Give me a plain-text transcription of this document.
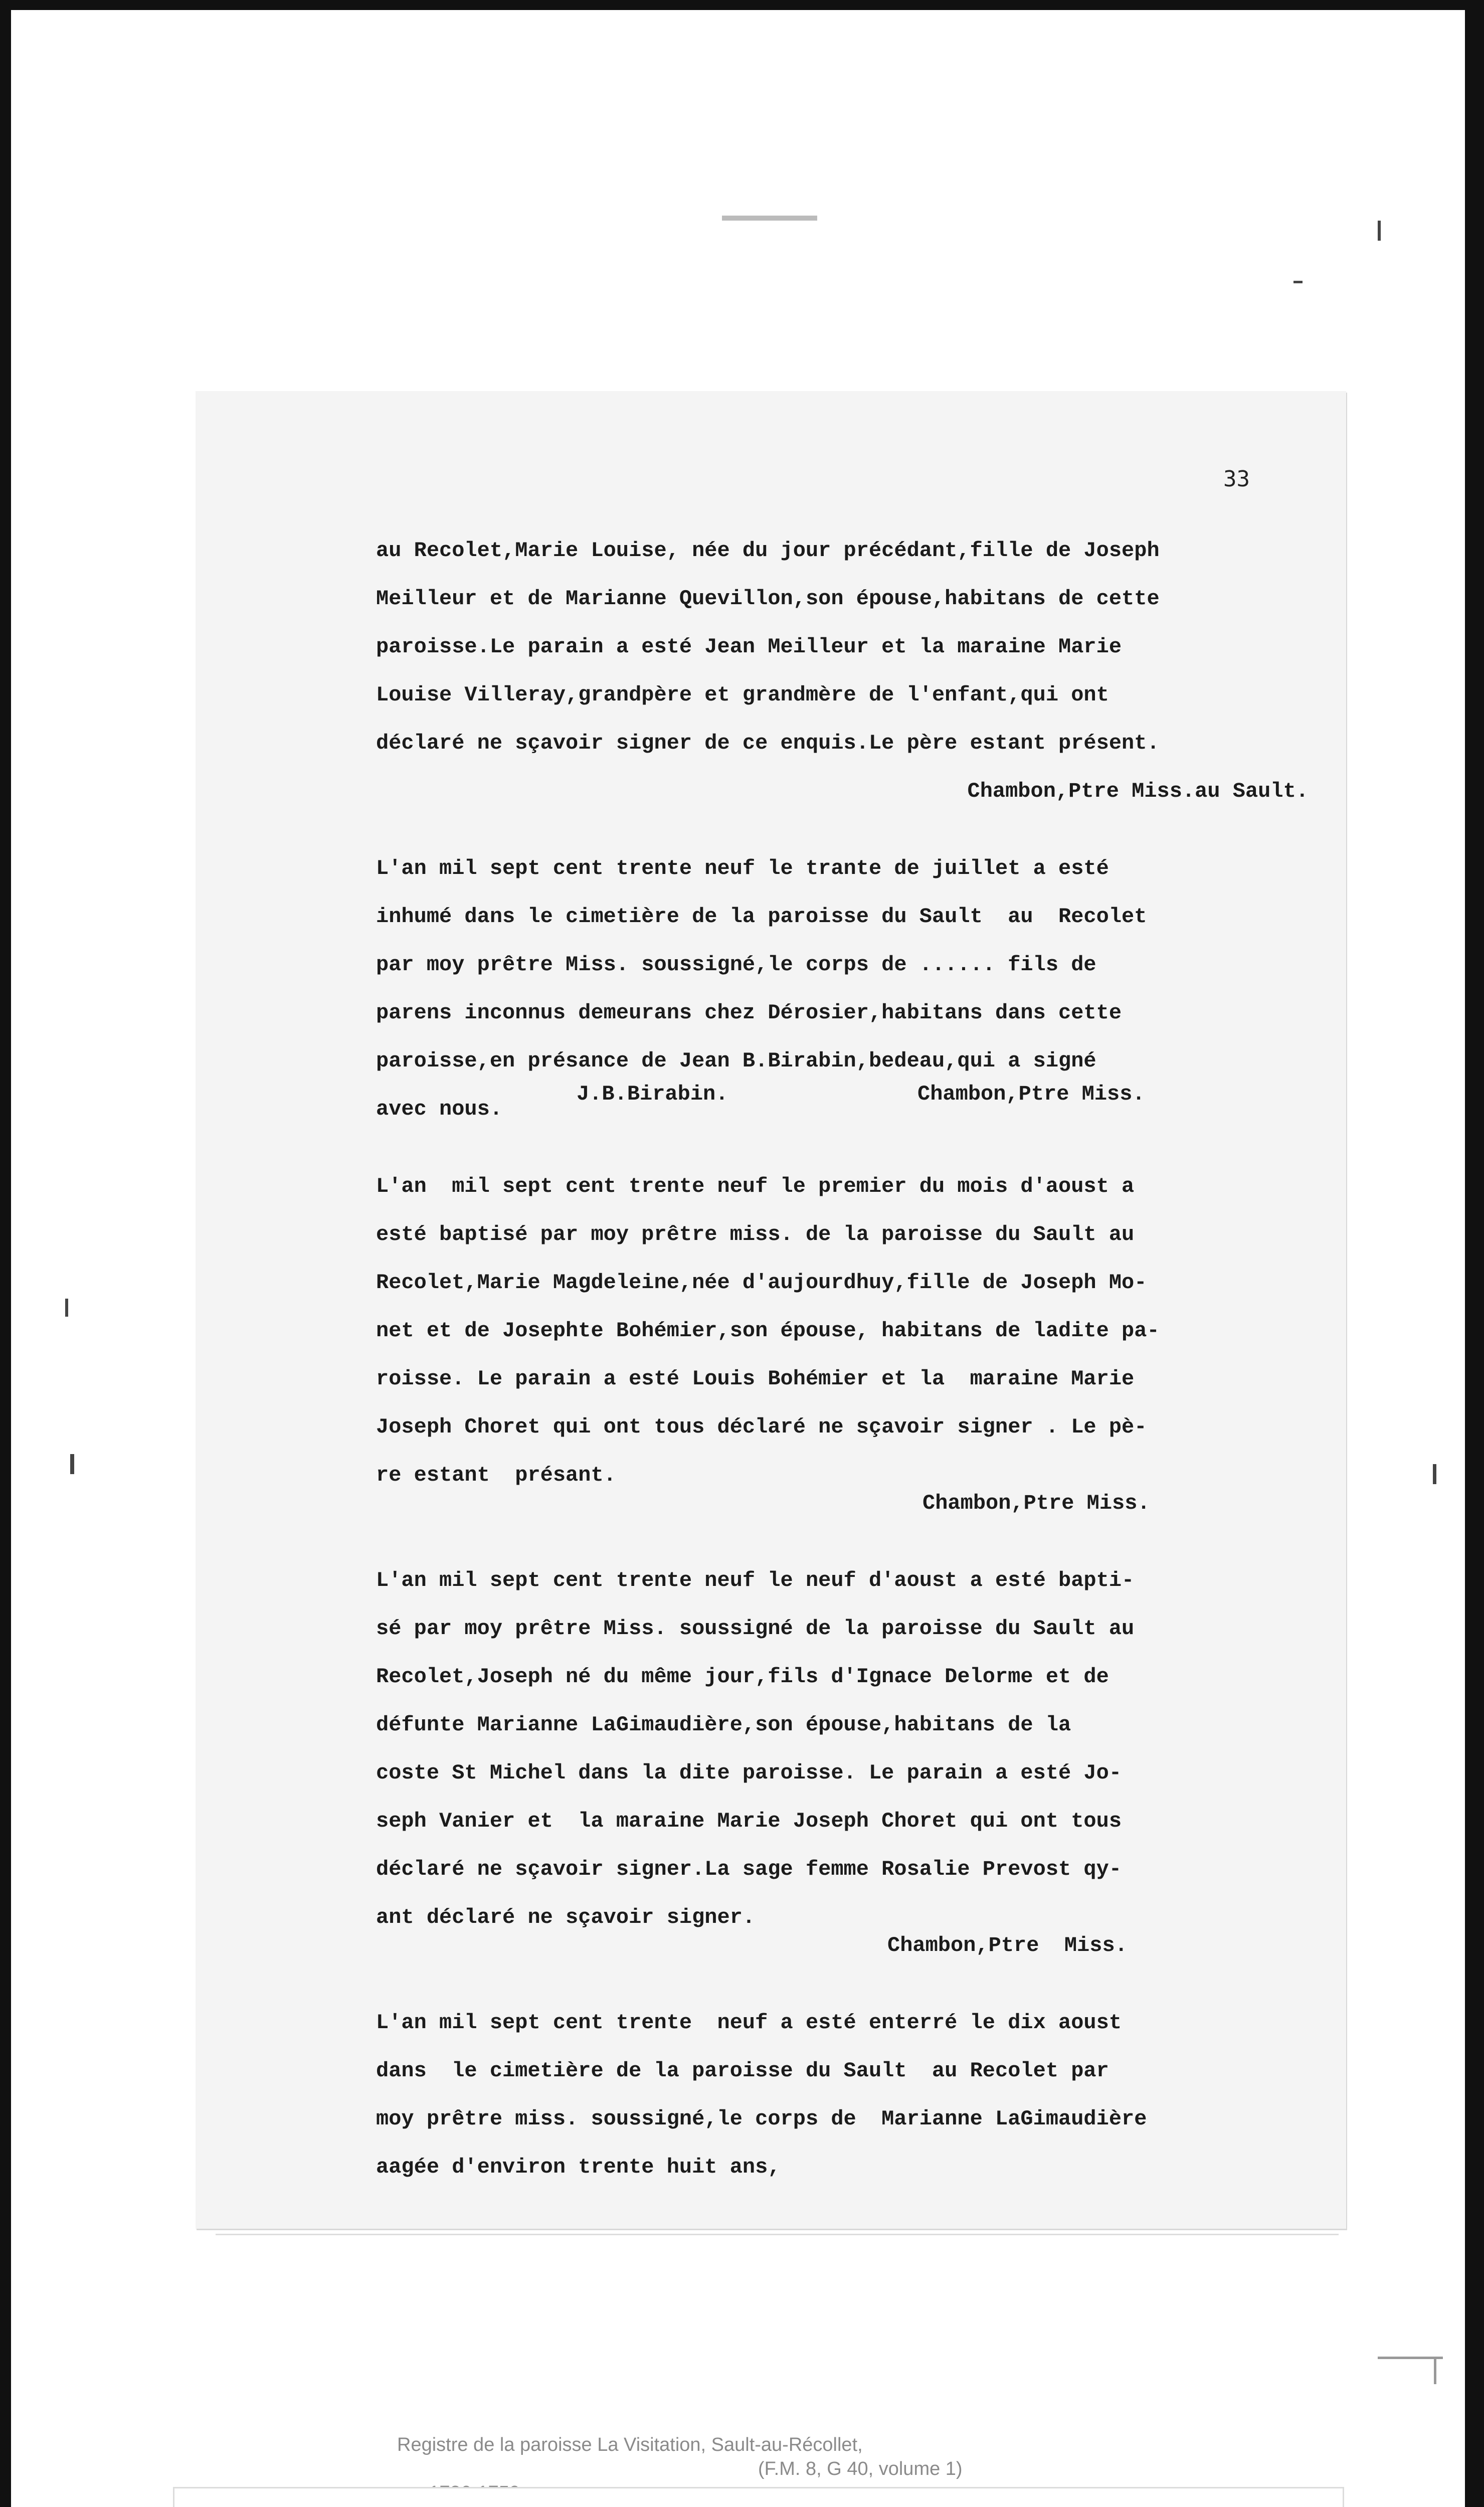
33
au Recolet,Marie Louise, née du jour précédant,fille de Joseph
Meilleur et de Marianne Quevillon,son épouse,habitans de cette
paroisse.Le parain a esté Jean Meilleur et la maraine Marie
Louise Villeray,grandpère et grandmère de l'enfant,qui ont
déclaré ne sçavoir signer de ce enquis.Le père estant présent.
Chambon,Ptre Miss.au Sault.
L'an mil sept cent trente neuf le trante de juillet a esté
inhumé dans le cimetière de la paroisse du Sault  au  Recolet
par moy prêtre Miss. soussigné,le corps de ...... fils de
parens inconnus demeurans chez Dérosier,habitans dans cette
paroisse,en présance de Jean B.Birabin,bedeau,qui a signé

avec nous.

J.B.Birabin.

	Chambon,Ptre Miss.

L'an  mil sept cent trente neuf le premier du mois d'aoust a
esté baptisé par moy prêtre miss. de la paroisse du Sault au
Recolet,Marie Magdeleine,née d'aujourdhuy,fille de Joseph Mo-
net et de Josephte Bohémier,son épouse, habitans de ladite pa-
roisse. Le parain a esté Louis Bohémier et la  maraine Marie
Joseph Choret qui ont tous déclaré ne sçavoir signer . Le pè-
re estant  présant.

Chambon,Ptre Miss.

L'an mil sept cent trente neuf le neuf d'aoust a esté bapti-
sé par moy prêtre Miss. soussigné de la paroisse du Sault au
Recolet,Joseph né du même jour,fils d'Ignace Delorme et de
défunte Marianne LaGimaudière,son épouse,habitans de la
coste St Michel dans la dite paroisse. Le parain a esté Jo-
seph Vanier et  la maraine Marie Joseph Choret qui ont tous
déclaré ne sçavoir signer.La sage femme Rosalie Prevost qy-
ant déclaré ne sçavoir signer.

Chambon,Ptre  Miss.

L'an mil sept cent trente  neuf a esté enterré le dix aoust
dans  le cimetière de la paroisse du Sault  au Recolet par
moy prêtre miss. soussigné,le corps de  Marianne LaGimaudière
aagée d'environ trente huit ans,
Registre de la paroisse La Visitation, Sault-au-Récollet,

(F.M. 8, G 40, volume 1)
